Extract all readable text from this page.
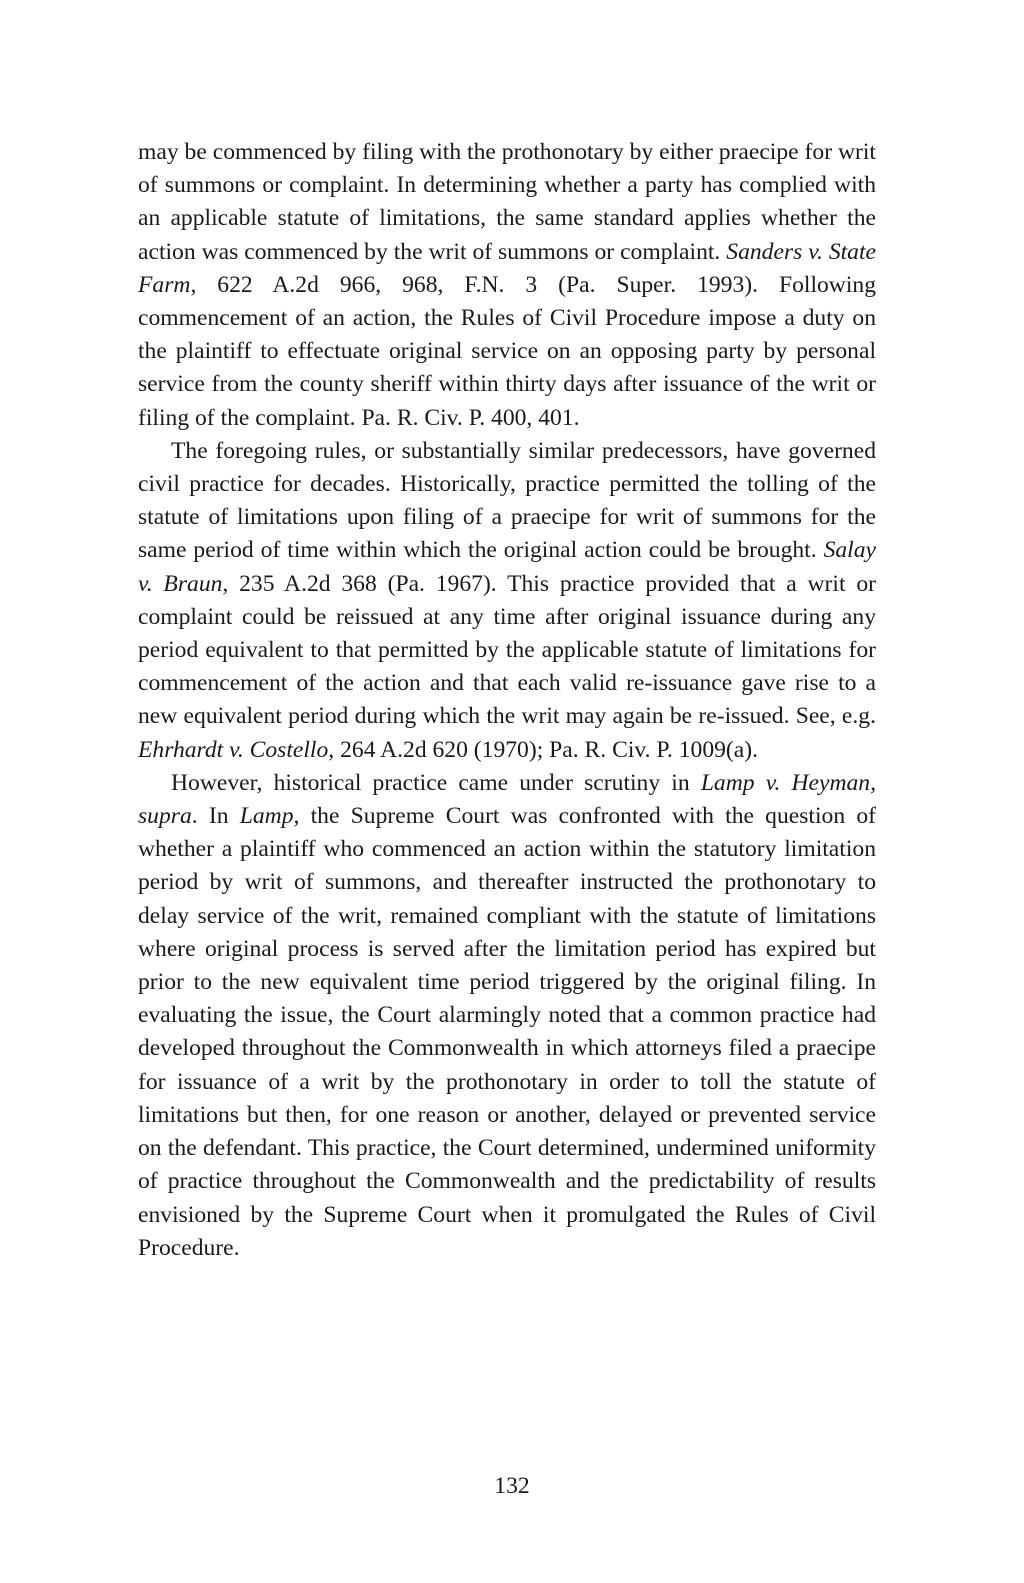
may be commenced by filing with the prothonotary by either praecipe for writ of summons or complaint. In determining whether a party has complied with an applicable statute of limitations, the same standard applies whether the action was commenced by the writ of summons or complaint. Sanders v. State Farm, 622 A.2d 966, 968, F.N. 3 (Pa. Super. 1993). Following commencement of an action, the Rules of Civil Procedure impose a duty on the plaintiff to effectuate original service on an opposing party by personal service from the county sheriff within thirty days after issuance of the writ or filing of the complaint. Pa. R. Civ. P. 400, 401.

The foregoing rules, or substantially similar predecessors, have governed civil practice for decades. Historically, practice permitted the tolling of the statute of limitations upon filing of a praecipe for writ of summons for the same period of time within which the original action could be brought. Salay v. Braun, 235 A.2d 368 (Pa. 1967). This practice provided that a writ or complaint could be reissued at any time after original issuance during any period equivalent to that permitted by the applicable statute of limitations for commencement of the action and that each valid re-issuance gave rise to a new equivalent period during which the writ may again be re-issued. See, e.g. Ehrhardt v. Costello, 264 A.2d 620 (1970); Pa. R. Civ. P. 1009(a).

However, historical practice came under scrutiny in Lamp v. Heyman, supra. In Lamp, the Supreme Court was confronted with the question of whether a plaintiff who commenced an action within the statutory limitation period by writ of summons, and thereafter instructed the prothonotary to delay service of the writ, remained compliant with the statute of limitations where original process is served after the limitation period has expired but prior to the new equivalent time period triggered by the original filing. In evaluating the issue, the Court alarmingly noted that a common practice had developed throughout the Commonwealth in which attorneys filed a praecipe for issuance of a writ by the prothonotary in order to toll the statute of limitations but then, for one reason or another, delayed or prevented service on the defendant. This practice, the Court determined, undermined uniformity of practice throughout the Commonwealth and the predictability of results envisioned by the Supreme Court when it promulgated the Rules of Civil Procedure.

132
